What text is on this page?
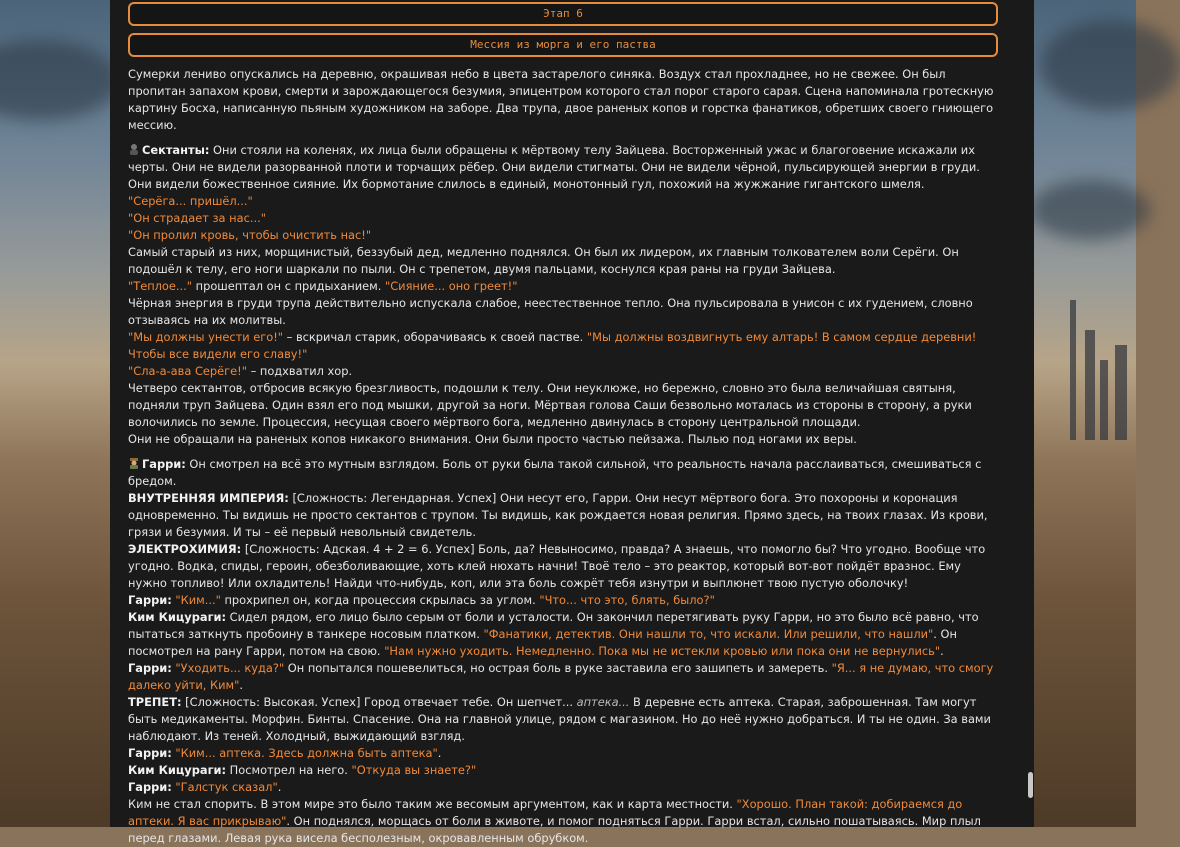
Этап 6
Мессия из морга и его паства

Сумерки лениво опускались на деревню, окрашивая небо в цвета застарелого синяка. Воздух стал прохладнее, но не свежее. Он был пропитан запахом крови, смерти и зарождающегося безумия, эпицентром которого стал порог старого сарая. Сцена напоминала гротескную картину Босха, написанную пьяным художником на заборе. Два трупа, двое раненых копов и горстка фанатиков, обретших своего гниющего мессию.

Сектанты: Они стояли на коленях, их лица были обращены к мёртвому телу Зайцева. Восторженный ужас и благоговение искажали их черты. Они не видели разорванной плоти и торчащих рёбер. Они видели стигматы. Они не видели чёрной, пульсирующей энергии в груди. Они видели божественное сияние. Их бормотание слилось в единый, монотонный гул, похожий на жужжание гигантского шмеля.

"Серёга... пришёл..."

"Он страдает за нас..."

"Он пролил кровь, чтобы очистить нас!"

Самый старый из них, морщинистый, беззубый дед, медленно поднялся. Он был их лидером, их главным толкователем воли Серёги. Он подошёл к телу, его ноги шаркали по пыли. Он с трепетом, двумя пальцами, коснулся края раны на груди Зайцева.

"Теплое..." прошептал он с придыханием. "Сияние... оно греет!"

Чёрная энергия в груди трупа действительно испускала слабое, неестественное тепло. Она пульсировала в унисон с их гудением, словно отзываясь на их молитвы.

"Мы должны унести его!" – вскричал старик, оборачиваясь к своей пастве. "Мы должны воздвигнуть ему алтарь! В самом сердце деревни! Чтобы все видели его славу!"

"Сла-а-ава Серёге!" – подхватил хор.

Четверо сектантов, отбросив всякую брезгливость, подошли к телу. Они неуклюже, но бережно, словно это была величайшая святыня, подняли труп Зайцева. Один взял его под мышки, другой за ноги. Мёртвая голова Саши безвольно моталась из стороны в сторону, а руки волочились по земле. Процессия, несущая своего мёртвого бога, медленно двинулась в сторону центральной площади.

Они не обращали на раненых копов никакого внимания. Они были просто частью пейзажа. Пылью под ногами их веры.

Гарри: Он смотрел на всё это мутным взглядом. Боль от руки была такой сильной, что реальность начала расслаиваться, смешиваться с бредом.

ВНУТРЕННЯЯ ИМПЕРИЯ: [Сложность: Легендарная. Успех] Они несут его, Гарри. Они несут мёртвого бога. Это похороны и коронация одновременно. Ты видишь не просто сектантов с трупом. Ты видишь, как рождается новая религия. Прямо здесь, на твоих глазах. Из крови, грязи и безумия. И ты – её первый невольный свидетель.

ЭЛЕКТРОХИМИЯ: [Сложность: Адская. 4 + 2 = 6. Успех] Боль, да? Невыносимо, правда? А знаешь, что помогло бы? Что угодно. Вообще что угодно. Водка, спиды, героин, обезболивающие, хоть клей нюхать начни! Твоё тело – это реактор, который вот-вот пойдёт вразнос. Ему нужно топливо! Или охладитель! Найди что-нибудь, коп, или эта боль сожрёт тебя изнутри и выплюнет твою пустую оболочку!

Гарри: "Ким..." прохрипел он, когда процессия скрылась за углом. "Что... что это, блять, было?"

Ким Кицураги: Сидел рядом, его лицо было серым от боли и усталости. Он закончил перетягивать руку Гарри, но это было всё равно, что пытаться заткнуть пробоину в танкере носовым платком. "Фанатики, детектив. Они нашли то, что искали. Или решили, что нашли". Он посмотрел на рану Гарри, потом на свою. "Нам нужно уходить. Немедленно. Пока мы не истекли кровью или пока они не вернулись".

Гарри: "Уходить... куда?" Он попытался пошевелиться, но острая боль в руке заставила его зашипеть и замереть. "Я... я не думаю, что смогу далеко уйти, Ким".

ТРЕПЕТ: [Сложность: Высокая. Успех] Город отвечает тебе. Он шепчет... аптека... В деревне есть аптека. Старая, заброшенная. Там могут быть медикаменты. Морфин. Бинты. Спасение. Она на главной улице, рядом с магазином. Но до неё нужно добраться. И ты не один. За вами наблюдают. Из теней. Холодный, выжидающий взгляд.

Гарри: "Ким... аптека. Здесь должна быть аптека".

Ким Кицураги: Посмотрел на него. "Откуда вы знаете?"

Гарри: "Галстук сказал".

Ким не стал спорить. В этом мире это было таким же весомым аргументом, как и карта местности. "Хорошо. План такой: добираемся до аптеки. Я вас прикрываю". Он поднялся, морщась от боли в животе, и помог подняться Гарри. Гарри встал, сильно пошатываясь. Мир плыл перед глазами. Левая рука висела бесполезным, окровавленным обрубком.
